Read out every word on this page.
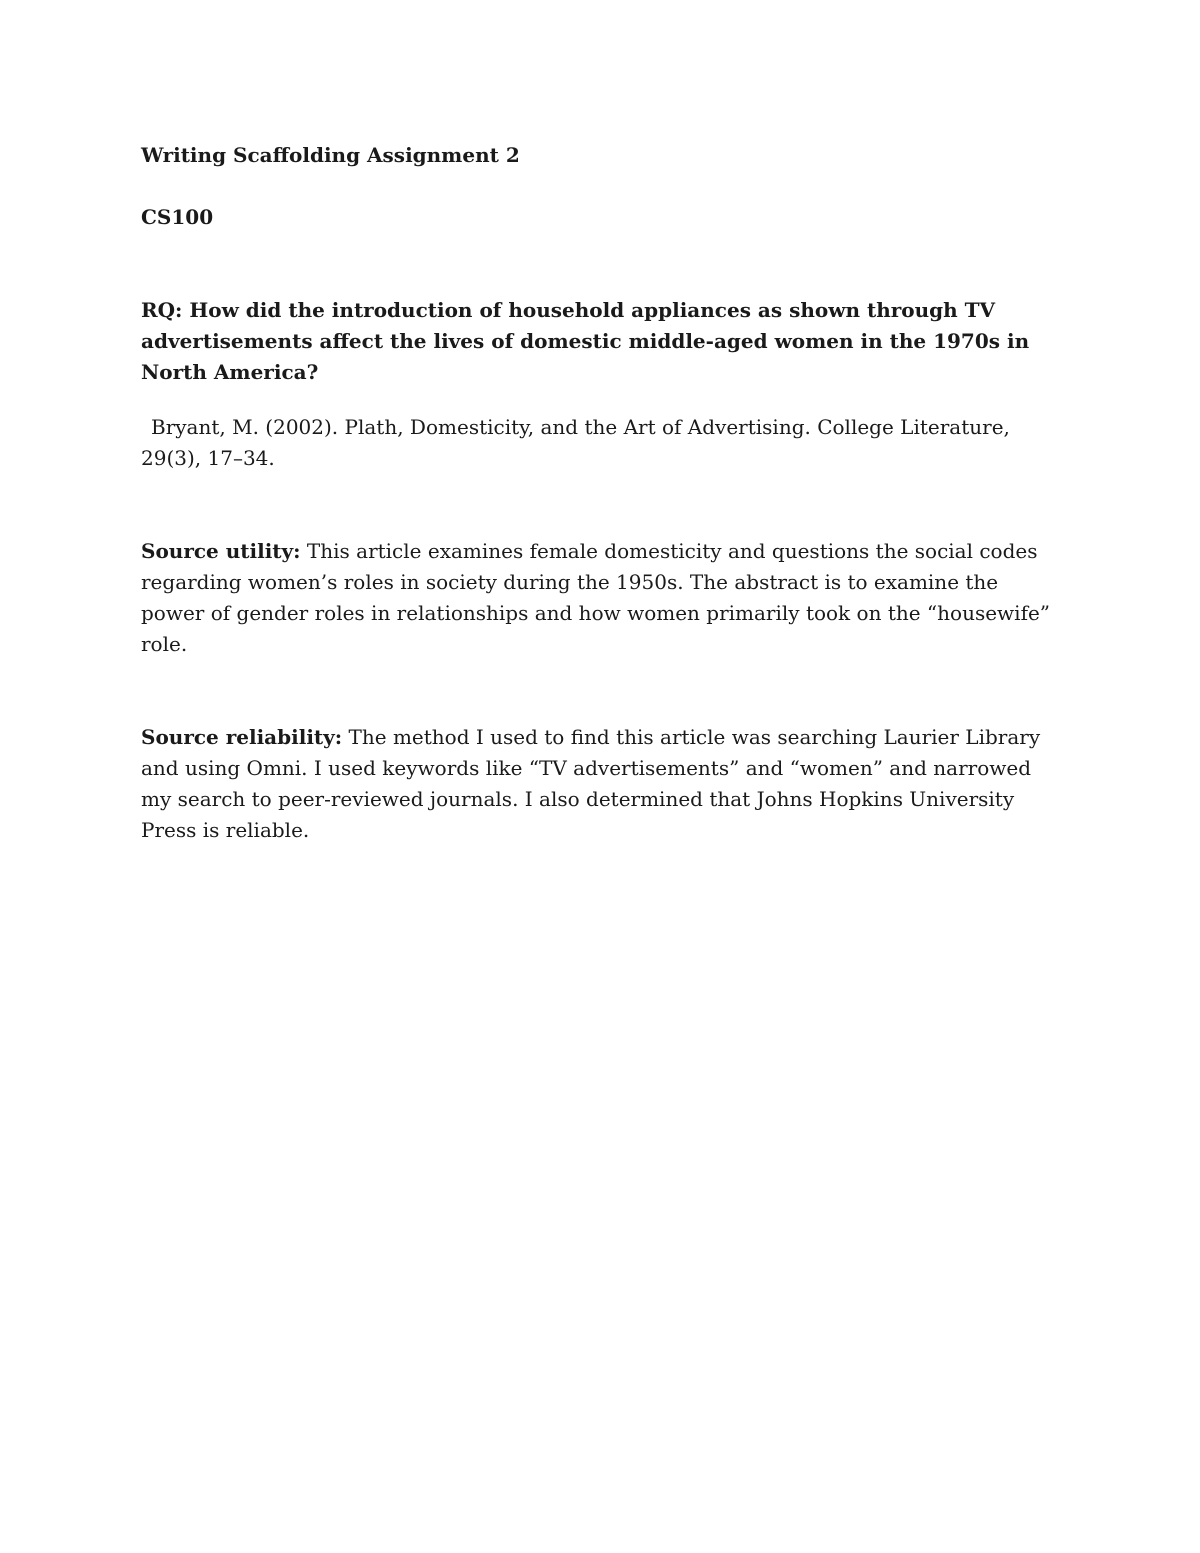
Writing Scaffolding Assignment 2

CS100

RQ: How did the introduction of household appliances as shown through TV advertisements affect the lives of domestic middle-aged women in the 1970s in North America?

Bryant, M. (2002). Plath, Domesticity, and the Art of Advertising. College Literature, 29(3), 17–34.

Source utility: This article examines female domesticity and questions the social codes regarding women’s roles in society during the 1950s. The abstract is to examine the power of gender roles in relationships and how women primarily took on the “housewife” role.

Source reliability: The method I used to find this article was searching Laurier Library and using Omni. I used keywords like “TV advertisements” and “women” and narrowed my search to peer-reviewed journals. I also determined that Johns Hopkins University Press is reliable.
